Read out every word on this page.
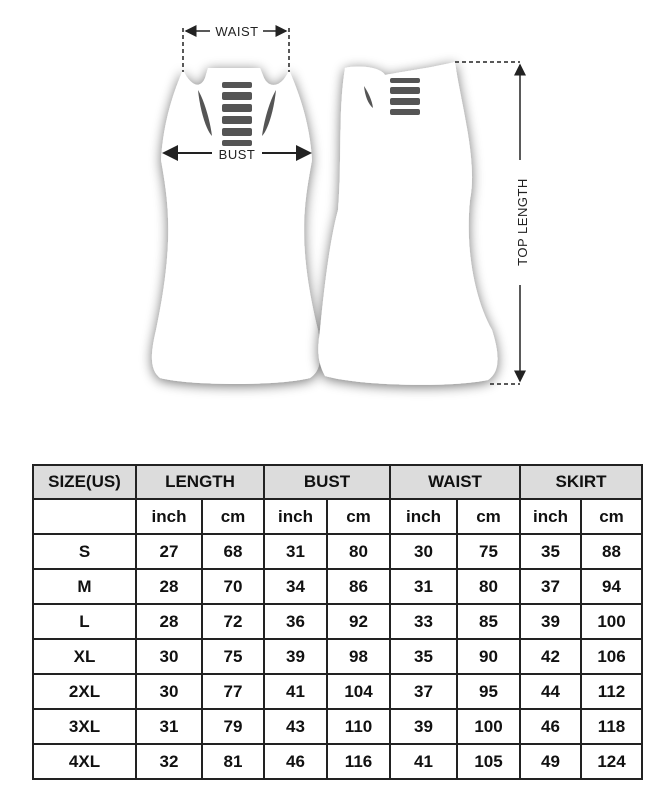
WAIST
BUST
TOP LENGTH
SIZE(US)	LENGTH		BUST		WAIST		SKIRT	
	inch	cm	inch	cm	inch	cm	inch	cm
S	27	68	31	80	30	75	35	88
M	28	70	34	86	31	80	37	94
L	28	72	36	92	33	85	39	100
XL	30	75	39	98	35	90	42	106
2XL	30	77	41	104	37	95	44	112
3XL	31	79	43	110	39	100	46	118
4XL	32	81	46	116	41	105	49	124
